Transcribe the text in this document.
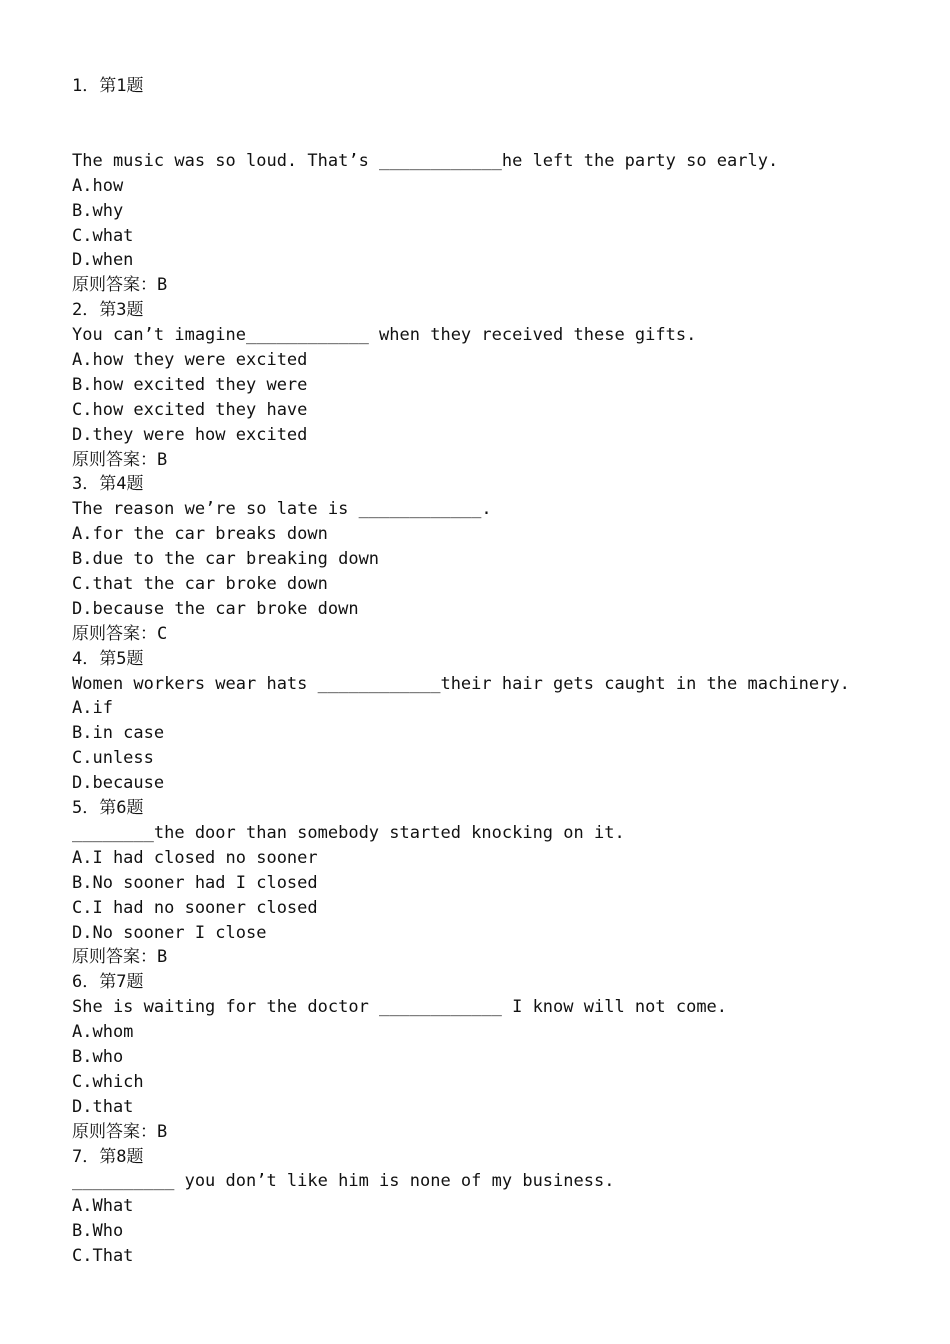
1．第1题
The music was so loud. That’s ____________he left the party so early.
A.how
B.why
C.what
D.when
原则答案：B
2．第3题
You can’t imagine____________ when they received these gifts.
A.how they were excited
B.how excited they were
C.how excited they have
D.they were how excited
原则答案：B
3．第4题
The reason we’re so late is ____________.
A.for the car breaks down
B.due to the car breaking down
C.that the car broke down
D.because the car broke down
原则答案：C
4．第5题
Women workers wear hats ____________their hair gets caught in the machinery.
A.if
B.in case
C.unless
D.because
5．第6题
________the door than somebody started knocking on it.
A.I had closed no sooner
B.No sooner had I closed
C.I had no sooner closed
D.No sooner I close
原则答案：B
6．第7题
She is waiting for the doctor ____________ I know will not come.
A.whom
B.who
C.which
D.that
原则答案：B
7．第8题
__________ you don’t like him is none of my business.
A.What
B.Who
C.That
